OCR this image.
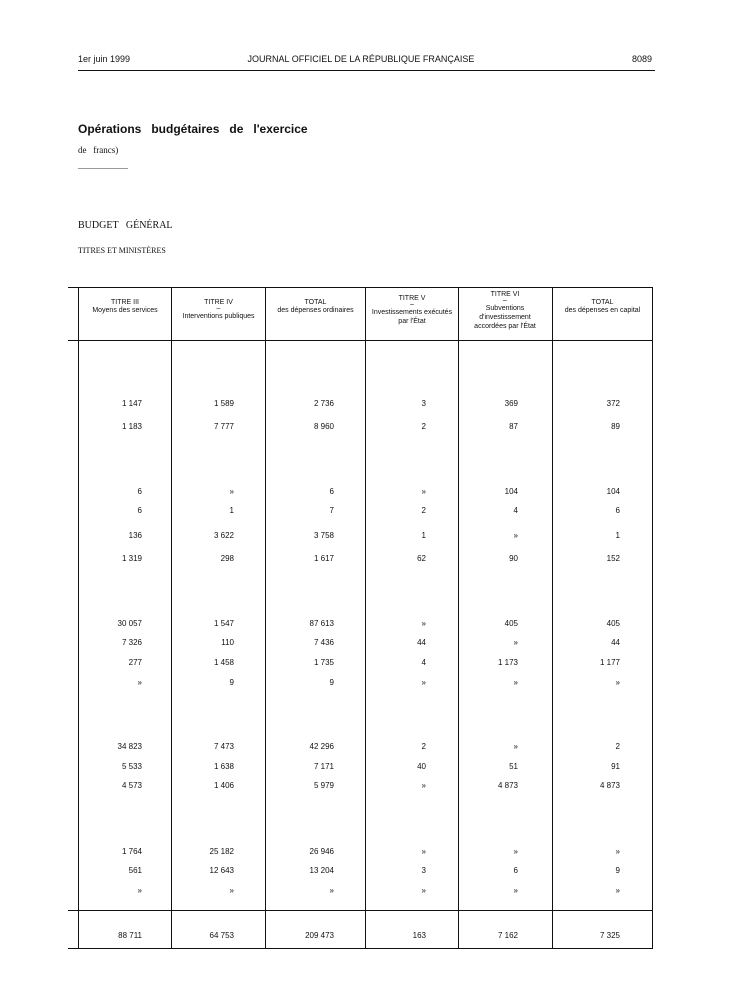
1er juin 1999	JOURNAL OFFICIEL DE LA RÉPUBLIQUE FRANÇAISE	8089
Opérations   budgétaires   de   l'exercice
de   francs)
BUDGET   GÉNÉRAL
TITRES ET MINISTÈRES
TITRE III
Moyens des services
TITRE IV
–
Interventions publiques
TOTAL
des dépenses ordinaires
TITRE V
–
Investissements exécutés par l'État
TITRE VI
–
Subventions d'investissement accordées par l'État
TOTAL
des dépenses en capital
1 147	1 589	2 736	3	369	372
1 183	7 777	8 960	2	87	89
6	»	6	»	104	104
6	1	7	2	4	6
136	3 622	3 758	1	»	1
1 319	298	1 617	62	90	152
30 057	1 547	87 613	»	405	405
7 326	110	7 436	44	»	44
277	1 458	1 735	4	1 173	1 177
»	9	9	»	»	»
34 823	7 473	42 296	2	»	2
5 533	1 638	7 171	40	51	91
4 573	1 406	5 979	»	4 873	4 873
1 764	25 182	26 946	»	»	»
561	12 643	13 204	3	6	9
»	»	»	»	»	»
88 711	64 753	209 473	163	7 162	7 325
